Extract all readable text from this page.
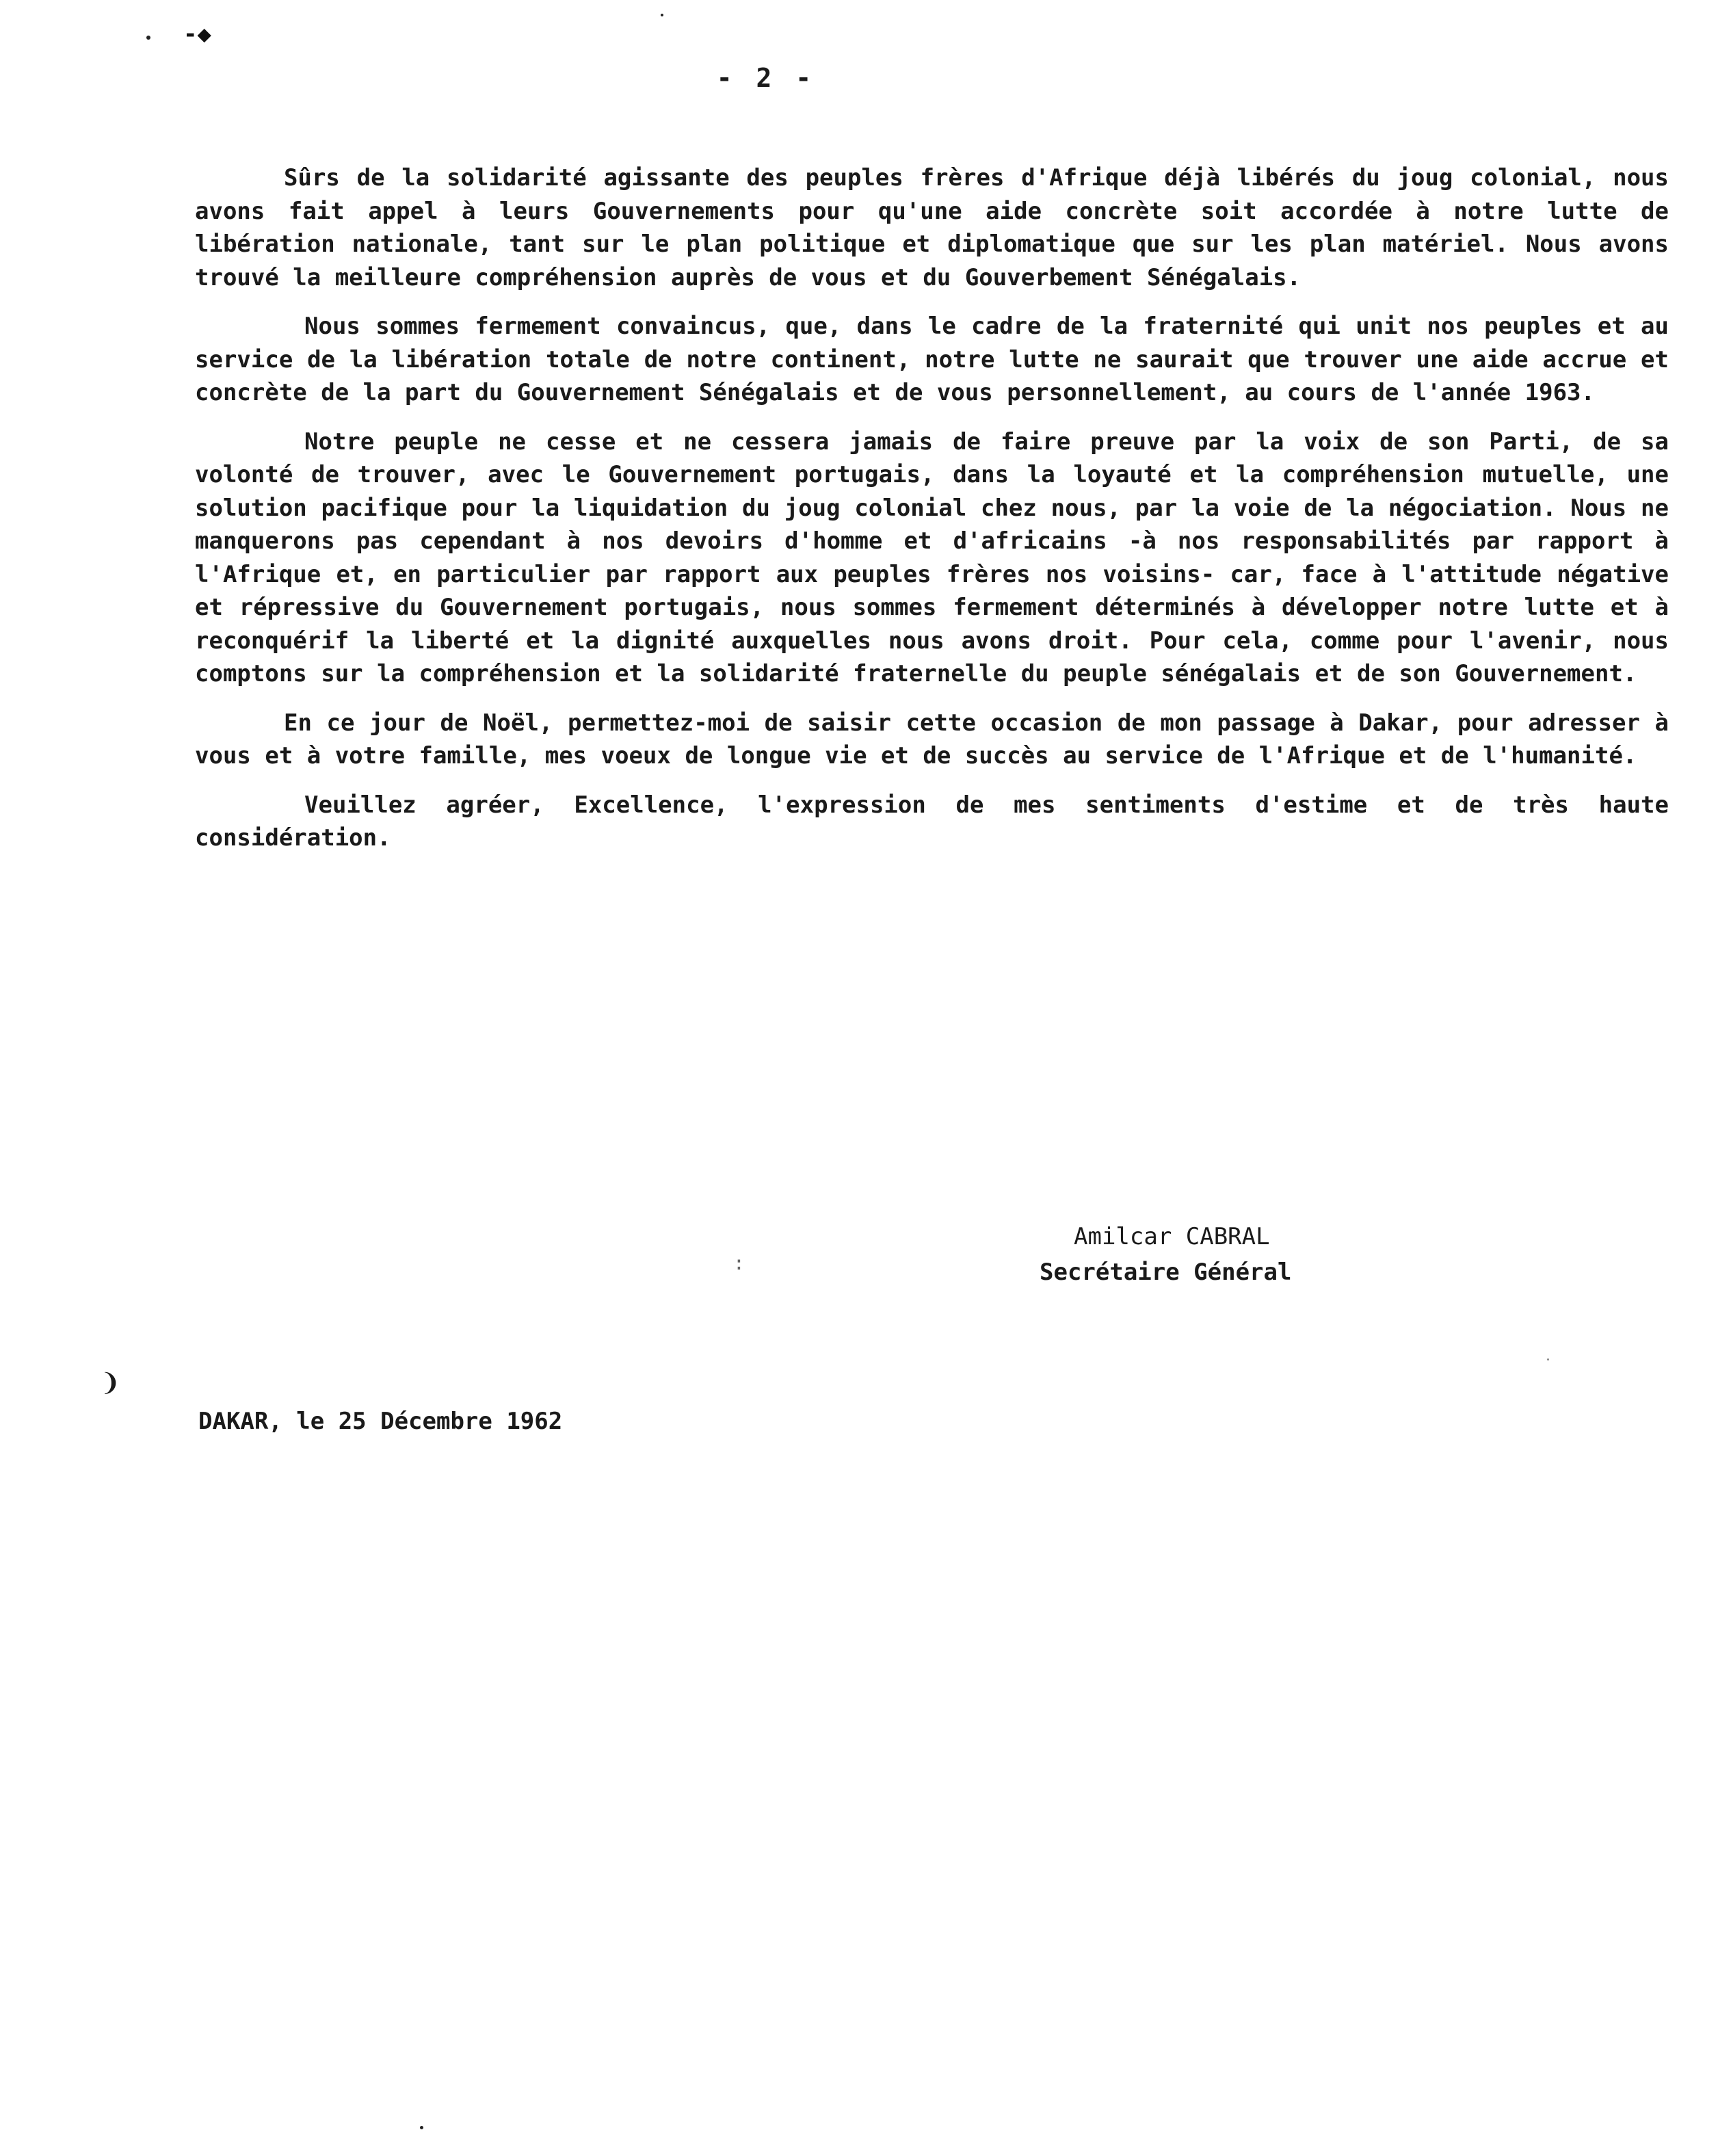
-◆
- 2 -

Sûrs de la solidarité agissante des peuples frères d'Afrique déjà libérés du joug colonial, nous avons fait appel à leurs Gouvernements pour qu'une aide concrète soit accordée à notre lutte de libération nationale, tant sur le plan politique et diplomatique que sur les plan matériel. Nous avons trouvé la meilleure compréhension auprès de vous et du Gouverbement Sénégalais.

Nous sommes fermement convaincus, que, dans le cadre de la fraternité qui unit nos peuples et au service de la libération totale de notre continent, notre lutte ne saurait que trouver une aide accrue et concrète de la part du Gouvernement Sénégalais et de vous personnellement, au cours de l'année 1963.

Notre peuple ne cesse et ne cessera jamais de faire preuve par la voix de son Parti, de sa volonté de trouver, avec le Gouvernement portugais, dans la loyauté et la compréhension mutuelle, une solution pacifique pour la liquidation du joug colonial chez nous, par la voie de la négociation. Nous ne manquerons pas cependant à nos devoirs d'homme et d'africains -à nos responsabilités par rapport à l'Afrique et, en particulier par rapport aux peuples frères nos voisins- car, face à l'attitude négative et répressive du Gouvernement portugais, nous sommes fermement déterminés à développer notre lutte et à reconquérif la liberté et la dignité auxquelles nous avons droit. Pour cela, comme pour l'avenir, nous comptons sur la compréhension et la solidarité fraternelle du peuple sénégalais et de son Gouvernement.

En ce jour de Noël, permettez-moi de saisir cette occasion de mon passage à Dakar, pour adresser à vous et à votre famille, mes voeux de longue vie et de succès au service de l'Afrique et de l'humanité.

Veuillez agréer, Excellence, l'expression de mes sentiments d'estime et de très haute considération.

Amilcar CABRAL
Secrétaire Général
:
❩
DAKAR, le 25 Décembre 1962
